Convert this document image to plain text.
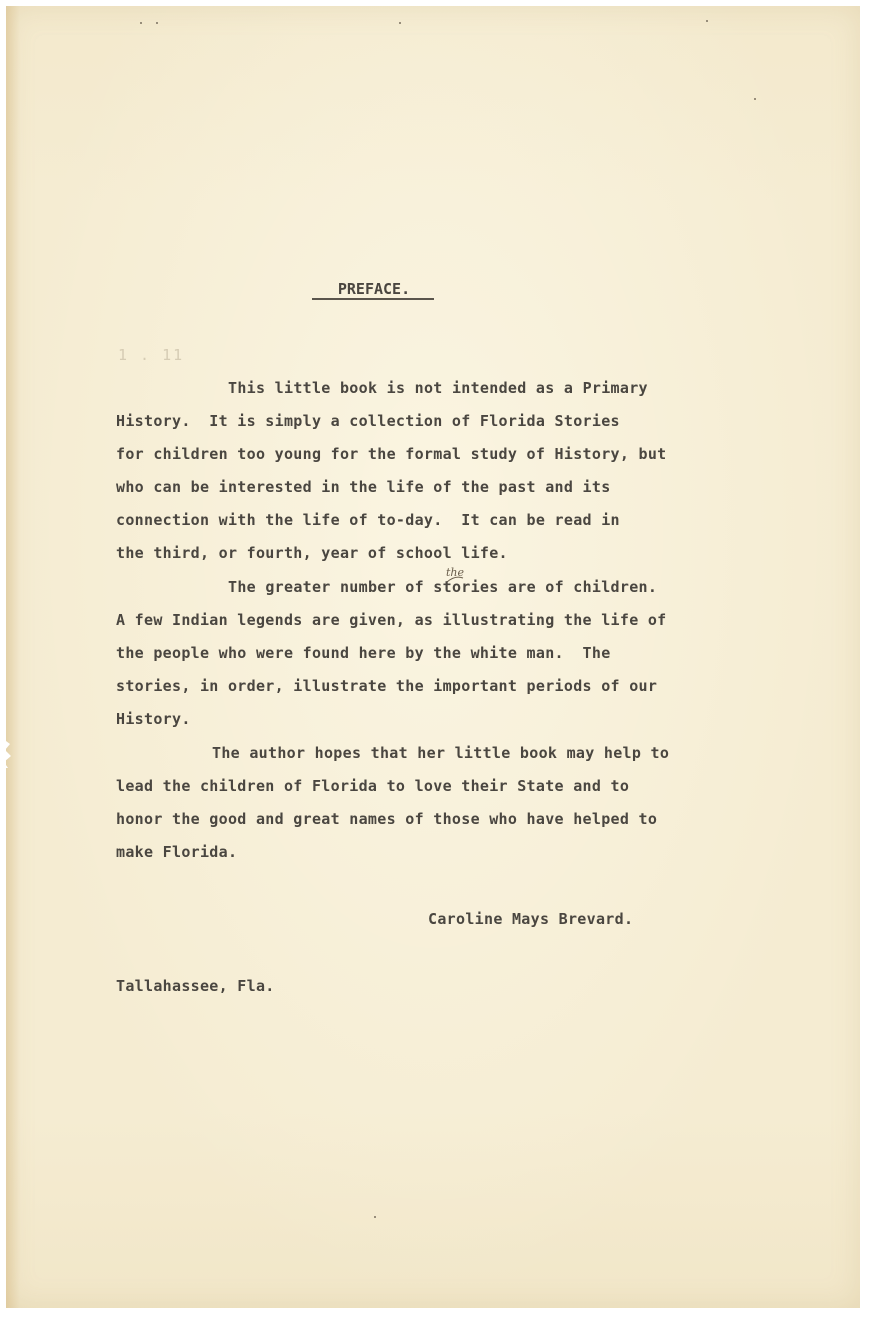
PREFACE.
1 . 11
This little book is not intended as a Primary
History.  It is simply a collection of Florida Stories
for children too young for the formal study of History, but
who can be interested in the life of the past and its
connection with the life of to-day.  It can be read in
the third, or fourth, year of school life.
the
The greater number of stories are of children.
A few Indian legends are given, as illustrating the life of
the people who were found here by the white man.  The
stories, in order, illustrate the important periods of our
History.
The author hopes that her little book may help to
lead the children of Florida to love their State and to
honor the good and great names of those who have helped to
make Florida.
Caroline Mays Brevard.
Tallahassee, Fla.
